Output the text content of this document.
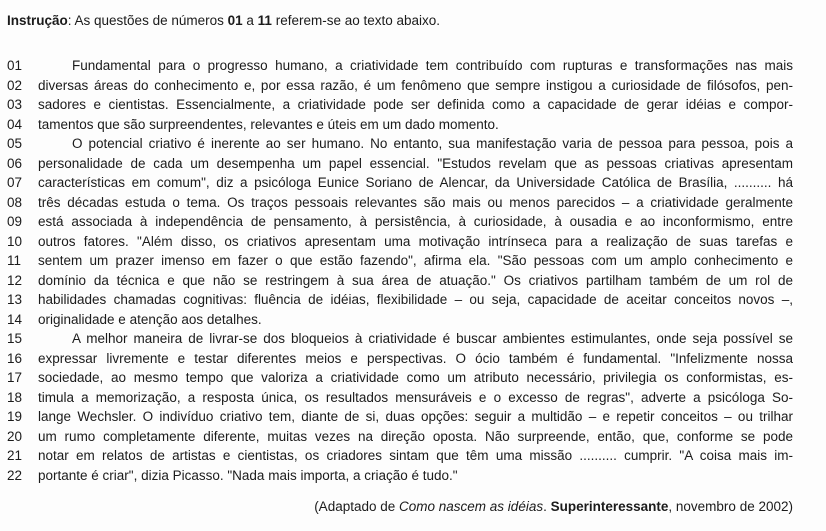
Instrução: As questões de números 01 a 11 referem-se ao texto abaixo.

01	Fundamental para o progresso humano, a criatividade tem contribuído com rupturas e transformações nas mais
02	diversas áreas do conhecimento e, por essa razão, é um fenômeno que sempre instigou a curiosidade de filósofos, pen-
03	sadores e cientistas. Essencialmente, a criatividade pode ser definida como a capacidade de gerar idéias e compor-
04	tamentos que são surpreendentes, relevantes e úteis em um dado momento.
05	O potencial criativo é inerente ao ser humano. No entanto, sua manifestação varia de pessoa para pessoa, pois a
06	personalidade de cada um desempenha um papel essencial. "Estudos revelam que as pessoas criativas apresentam
07	características em comum", diz a psicóloga Eunice Soriano de Alencar, da Universidade Católica de Brasília, .......... há
08	três décadas estuda o tema. Os traços pessoais relevantes são mais ou menos parecidos – a criatividade geralmente
09	está associada à independência de pensamento, à persistência, à curiosidade, à ousadia e ao inconformismo, entre
10	outros fatores. "Além disso, os criativos apresentam uma motivação intrínseca para a realização de suas tarefas e
11	sentem um prazer imenso em fazer o que estão fazendo", afirma ela. "São pessoas com um amplo conhecimento e
12	domínio da técnica e que não se restringem à sua área de atuação." Os criativos partilham também de um rol de
13	habilidades chamadas cognitivas: fluência de idéias, flexibilidade – ou seja, capacidade de aceitar conceitos novos –,
14	originalidade e atenção aos detalhes.
15	A melhor maneira de livrar-se dos bloqueios à criatividade é buscar ambientes estimulantes, onde seja possível se
16	expressar livremente e testar diferentes meios e perspectivas. O ócio também é fundamental. "Infelizmente nossa
17	sociedade, ao mesmo tempo que valoriza a criatividade como um atributo necessário, privilegia os conformistas, es-
18	timula a memorização, a resposta única, os resultados mensuráveis e o excesso de regras", adverte a psicóloga So-
19	lange Wechsler. O indivíduo criativo tem, diante de si, duas opções: seguir a multidão – e repetir conceitos – ou trilhar
20	um rumo completamente diferente, muitas vezes na direção oposta. Não surpreende, então, que, conforme se pode
21	notar em relatos de artistas e cientistas, os criadores sintam que têm uma missão .......... cumprir. "A coisa mais im-
22	portante é criar", dizia Picasso. "Nada mais importa, a criação é tudo."

(Adaptado de Como nascem as idéias. Superinteressante, novembro de 2002)
